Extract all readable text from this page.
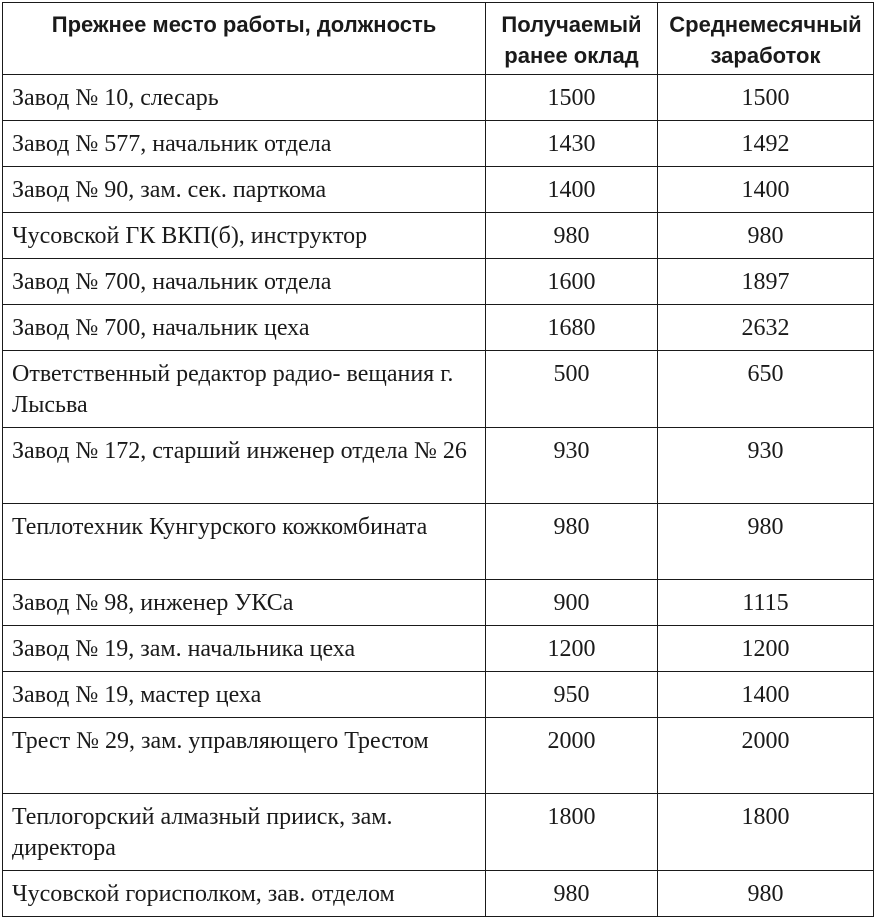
Прежнее место работы, должность	Получаемый ранее оклад	Среднемесячный заработок
Завод № 10, слесарь	1500	1500
Завод № 577, начальник отдела	1430	1492
Завод № 90, зам. сек. парткома	1400	1400
Чусовской ГК ВКП(б), инструктор	980	980
Завод № 700, начальник отдела	1600	1897
Завод № 700, начальник цеха	1680	2632
Ответственный редактор радио- вещания г. Лысьва	500	650
Завод № 172, старший инженер отдела № 26	930	930
Теплотехник Кунгурского кожкомбината	980	980
Завод № 98, инженер УКСа	900	1115
Завод № 19, зам. начальника цеха	1200	1200
Завод № 19, мастер цеха	950	1400
Трест № 29, зам. управляющего Трестом	2000	2000
Теплогорский алмазный прииск, зам. директора	1800	1800
Чусовской горисполком, зав. отделом	980	980
